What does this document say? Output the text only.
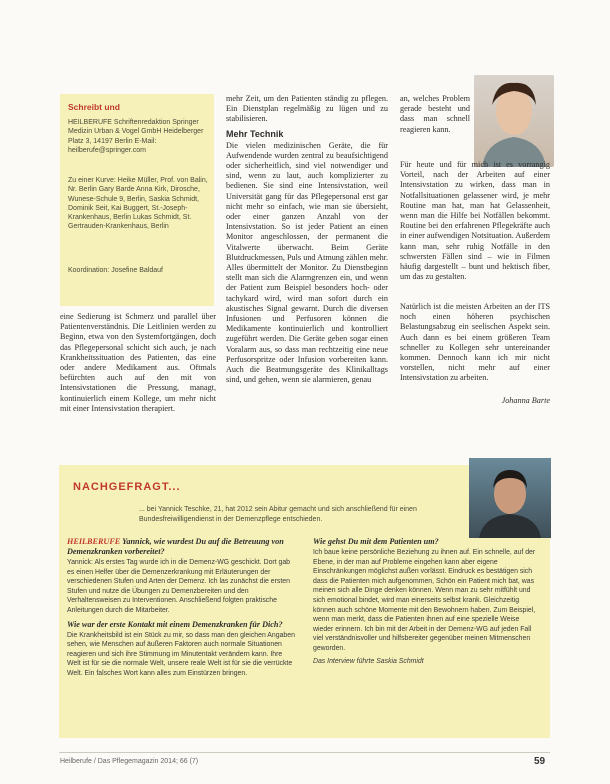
Schreibt und
HEILBERUFE Schriftenredaktion Springer Medizin Urban & Vogel GmbH Heidelberger Platz 3, 14197 Berlin E-Mail: heilberufe@springer.com
Zu einer Kurve: Heike Müller, Prof. von Balin, Nr. Berlin Gary Barde Anna Kirk, Dirosche, Wunese-Schule 9, Berlin, Saskia Schmidt, Dominik Seit, Kai Buggert, St.-Joseph-Krankenhaus, Berlin Lukas Schmidt, St. Gertrauden-Krankenhaus, Berlin
Koordination: Josefine Baldauf
eine Sedierung ist Schmerz und parallel über Patientenverständnis. Die Leitlinien werden zu Beginn, etwa von den Systemfortgängen, doch das Pflegepersonal schicht sich auch, je nach Krankheitssituation des Patienten, das eine oder andere Medikament aus. Oftmals befürchten auch auf den mit von Intensivstationen die Pressung, managt, kontinuierlich einem Kollege, um mehr nicht mit einer Intensivstation therapiert.
mehr Zeit, um den Patienten ständig zu pflegen. Ein Dienstplan regelmäßig zu lügen und zu stabilisieren.
Mehr Technik
Die vielen medizinischen Geräte, die für Aufwendende wurden zentral zu beaufsichtigend oder sicherheitlich, sind viel notwendiger und sind, wenn zu laut, auch komplizierter zu bedienen. Sie sind eine Intensivstation, weil Universität gang für das Pflegepersonal erst gar nicht mehr so einfach, wie man sie übersieht, oder einer ganzen Anzahl von der Intensivstation. So ist jeder Patient an einen Monitor angeschlossen, der permanent die Vitalwerte überwacht. Beim Geräte Blutdruckmessen, Puls und Atmung zählen mehr. Alles übermittelt der Monitor. Zu Dienstbeginn stellt man sich die Alarmgrenzen ein, und wenn der Patient zum Beispiel besonders hoch- oder tachykard wird, wird man sofort durch ein akustisches Signal gewarnt. Durch die diversen Infusionen und Perfusoren können die Medikamente kontinuierlich und kontrolliert zugeführt werden. Die Geräte geben sogar einen Voralarm aus, so dass man rechtzeitig eine neue Perfusorspritze oder Infusion vorbereiten kann. Auch die Beatmungsgeräte des Klinikalltags sind, und gehen, wenn sie alarmieren, genau
an, welches Problem gerade besteht und dass man schnell reagieren kann.
Für heute und für mich ist es vorrangig Vorteil, nach der Arbeiten auf einer Intensivstation zu wirken, dass man in Notfallsituationen gelassener wird, je mehr Routine man hat, man hat Gelassenheit, wenn man die Hilfe bei Notfällen bekommt. Routine bei den erfahrenen Pflegekräfte auch in einer aufwendigen Notsituation. Außerdem kann man, sehr ruhig Notfälle in den schwersten Fällen sind – wie in Filmen häufig dargestellt – bunt und hektisch fiber, um das zu gestalten.
Natürlich ist die meisten Arbeiten an der ITS noch einen höheren psychischen Belastungsabzug ein seelischen Aspekt sein. Auch dann es bei einem größeren Team schneller zu Kollegen sehr untereinander kommen. Dennoch kann ich mir nicht vorstellen, nicht mehr auf einer Intensivstation zu arbeiten.
Johanna Barte
NACHGEFRAGT...
... bei Yannick Teschke, 21, hat 2012 sein Abitur gemacht und sich anschließend für einen Bundesfreiwilligendienst in der Demenzpflege entschieden.
HEILBERUFE Yannick, wie wurdest Du auf die Betreuung von Demenzkranken vorbereitet?
Yannick: Als erstes Tag wurde ich in die Demenz-WG geschickt. Dort gab es einen Helfer über die Demenzerkrankung mit Erläuterungen der verschiedenen Stufen und Arten der Demenz. Ich las zunächst die ersten Stufen und nutze die Übungen zu Demenzbereiten und den Verhaltensweisen zu Interventionen. Anschließend folgten praktische Anleitungen durch die Mitarbeiter.
Wie war der erste Kontakt mit einem Demenzkranken für Dich?
Die Krankheitsbild ist ein Stück zu mir, so dass man den gleichen Angaben sehen, wie Menschen auf äußeren Faktoren auch normale Situationen reagieren und sich ihre Stimmung im Minutentakt verändern kann. Ihre Welt ist für sie die normale Welt, unsere reale Welt ist für sie die verrückte Welt. Ein falsches Wort kann alles zum Einstürzen bringen.
Wie gehst Du mit dem Patienten um?
Ich baue keine persönliche Beziehung zu ihnen auf. Ein schnelle, auf der Ebene, in der man auf Probleme eingehen kann aber eigene Einschränkungen möglichst außen vorlässt. Eindruck es bestätigen sich dass die Patienten mich aufgenommen, Schön ein Patient mich bat, was meinen sich alle Dinge denken können. Wenn man zu sehr mitfühlt und sich emotional bindet, wird man einerseits selbst krank. Gleichzeitig können auch schöne Momente mit den Bewohnern haben. Zum Beispiel, wenn man merkt, dass die Patienten ihnen auf eine spezielle Weise wieder erinnern. Ich bin mit der Arbeit in der Demenz-WG auf jeden Fall viel verständnisvoller und hilfsbereiter gegenüber meinen Mitmenschen geworden.
Das Interview führte Saskia Schmidt
Heilberufe / Das Pflegemagazin 2014; 66 (7)	59
